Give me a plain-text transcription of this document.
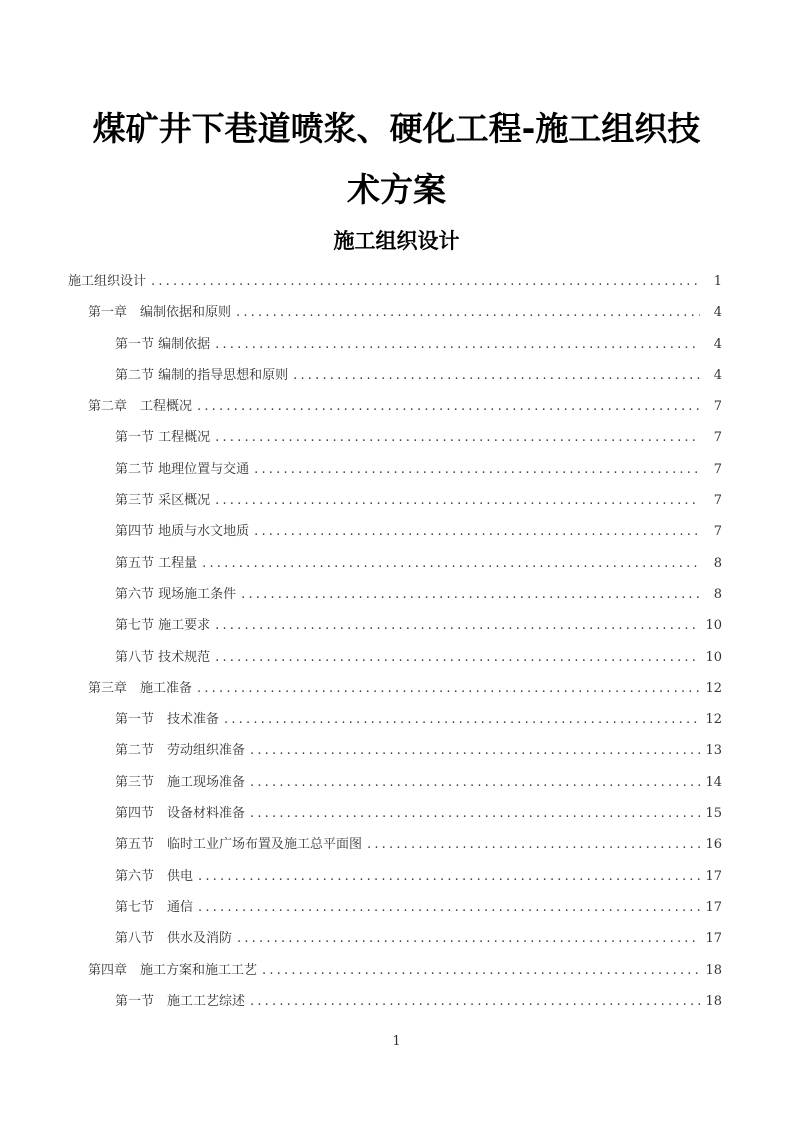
煤矿井下巷道喷浆、硬化工程-施工组织技
术方案
施工组织设计
施工组织设计 .....	1
第一章　编制依据和原则 .....	4
第一节 编制依据 .....	4
第二节 编制的指导思想和原则 .....	4
第二章　工程概况 .....	7
第一节 工程概况 .....	7
第二节 地理位置与交通 .....	7
第三节 采区概况 .....	7
第四节 地质与水文地质 .....	7
第五节 工程量 .....	8
第六节 现场施工条件 .....	8
第七节 施工要求 .....	10
第八节 技术规范 .....	10
第三章　施工准备 .....	12
第一节　技术准备 .....	12
第二节　劳动组织准备 .....	13
第三节　施工现场准备 .....	14
第四节　设备材料准备 .....	15
第五节　临时工业广场布置及施工总平面图 .....	16
第六节　供电 .....	17
第七节　通信 .....	17
第八节　供水及消防 .....	17
第四章　施工方案和施工工艺 .....	18
第一节　施工工艺综述 .....	18
1
